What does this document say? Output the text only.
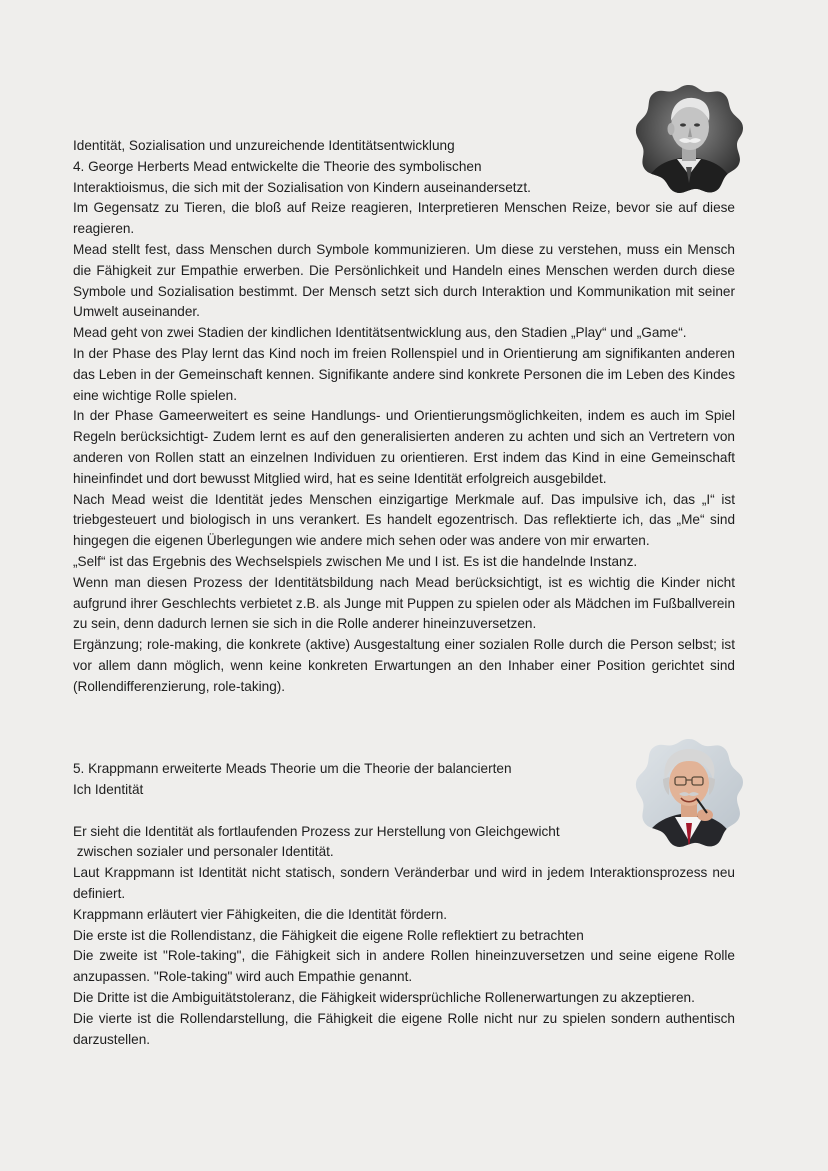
Identität, Sozialisation und unzureichende Identitätsentwicklung

4. George Herberts Mead entwickelte die Theorie des symbolischen

Interaktioismus, die sich mit der Sozialisation von Kindern auseinandersetzt.

Im Gegensatz zu Tieren, die bloß auf Reize reagieren, Interpretieren Menschen Reize, bevor sie auf diese reagieren.

Mead stellt fest, dass Menschen durch Symbole kommunizieren. Um diese zu verstehen, muss ein Mensch die Fähigkeit zur Empathie erwerben. Die Persönlichkeit und Handeln eines Menschen werden durch diese Symbole und Sozialisation bestimmt. Der Mensch setzt sich durch Interaktion und Kommunikation mit seiner Umwelt auseinander.

Mead geht von zwei Stadien der kindlichen Identitätsentwicklung aus, den Stadien „Play“ und „Game“.

In der Phase des Play lernt das Kind noch im freien Rollenspiel und in Orientierung am signifikanten anderen das Leben in der Gemeinschaft kennen. Signifikante andere sind konkrete Personen die im Leben des Kindes eine wichtige Rolle spielen.

In der Phase Gameerweitert es seine Handlungs- und Orientierungsmöglichkeiten, indem es auch im Spiel Regeln berücksichtigt- Zudem lernt es auf den generalisierten anderen zu achten und sich an Vertretern von anderen von Rollen statt an einzelnen Individuen zu orientieren. Erst indem das Kind in eine Gemeinschaft hineinfindet und dort bewusst Mitglied wird, hat es seine Identität erfolgreich ausgebildet.

Nach Mead weist die Identität jedes Menschen einzigartige Merkmale auf. Das impulsive ich, das „I“ ist triebgesteuert und biologisch in uns verankert. Es handelt egozentrisch. Das reflektierte ich, das „Me“ sind hingegen die eigenen Überlegungen wie andere mich sehen oder was andere von mir erwarten.

„Self“ ist das Ergebnis des Wechselspiels zwischen Me und I ist. Es ist die handelnde Instanz.

Wenn man diesen Prozess der Identitätsbildung nach Mead berücksichtigt, ist es wichtig die Kinder nicht aufgrund ihrer Geschlechts verbietet z.B. als Junge mit Puppen zu spielen oder als Mädchen im Fußballverein zu sein, denn dadurch lernen sie sich in die Rolle anderer hineinzuversetzen.

Ergänzung; role-making, die konkrete (aktive) Ausgestaltung einer sozialen Rolle durch die Person selbst; ist vor allem dann möglich, wenn keine konkreten Erwartungen an den Inhaber einer Position gerichtet sind (Rollendifferenzierung, role-taking).

5. Krappmann erweiterte Meads Theorie um die Theorie der balancierten

Ich Identität

Er sieht die Identität als fortlaufenden Prozess zur Herstellung von Gleichgewicht

zwischen sozialer und personaler Identität.

Laut Krappmann ist Identität nicht statisch, sondern Veränderbar und wird in jedem Interaktionsprozess neu definiert.

Krappmann erläutert vier Fähigkeiten, die die Identität fördern.

Die erste ist die Rollendistanz, die Fähigkeit die eigene Rolle reflektiert zu betrachten

Die zweite ist "Role-taking", die Fähigkeit sich in andere Rollen hineinzuversetzen und seine eigene Rolle anzupassen. "Role-taking" wird auch Empathie genannt.

Die Dritte ist die Ambiguitätstoleranz, die Fähigkeit widersprüchliche Rollenerwartungen zu akzeptieren.

Die vierte ist die Rollendarstellung, die Fähigkeit die eigene Rolle nicht nur zu spielen sondern authentisch darzustellen.
